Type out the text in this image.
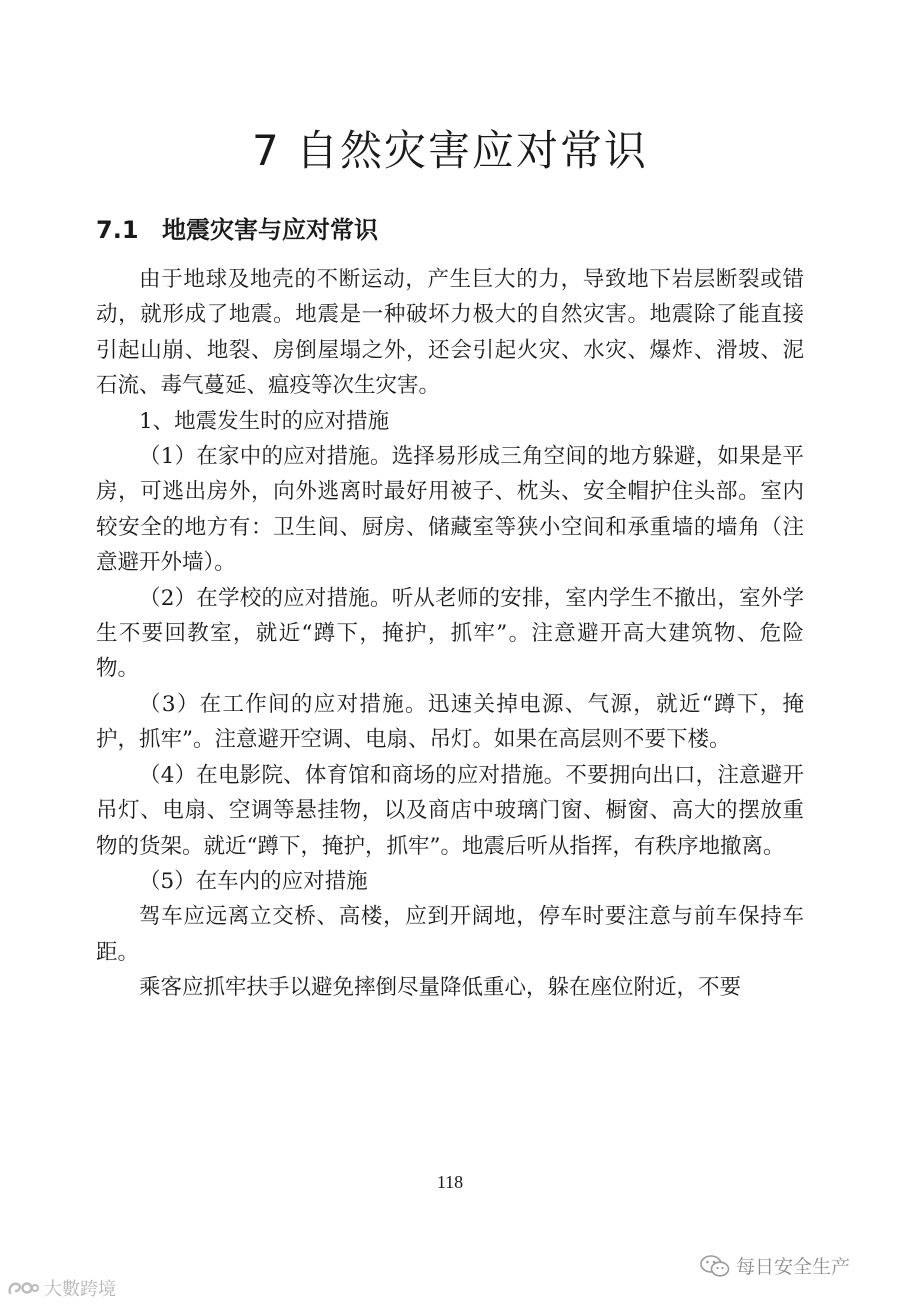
7 自然灾害应对常识
7.1 地震灾害与应对常识

由于地球及地壳的不断运动，产生巨大的力，导致地下岩层断裂或错动，就形成了地震。地震是一种破坏力极大的自然灾害。地震除了能直接引起山崩、地裂、房倒屋塌之外，还会引起火灾、水灾、爆炸、滑坡、泥石流、毒气蔓延、瘟疫等次生灾害。

1、地震发生时的应对措施

（1）在家中的应对措施。选择易形成三角空间的地方躲避，如果是平房，可逃出房外，向外逃离时最好用被子、枕头、安全帽护住头部。室内较安全的地方有：卫生间、厨房、储藏室等狭小空间和承重墙的墙角（注意避开外墙）。

（2）在学校的应对措施。听从老师的安排，室内学生不撤出，室外学生不要回教室，就近“蹲下，掩护，抓牢”。注意避开高大建筑物、危险物。

（3）在工作间的应对措施。迅速关掉电源、气源，就近“蹲下，掩护，抓牢”。注意避开空调、电扇、吊灯。如果在高层则不要下楼。

（4）在电影院、体育馆和商场的应对措施。不要拥向出口，注意避开吊灯、电扇、空调等悬挂物，以及商店中玻璃门窗、橱窗、高大的摆放重物的货架。就近“蹲下，掩护，抓牢”。地震后听从指挥，有秩序地撤离。

（5）在车内的应对措施

驾车应远离立交桥、高楼，应到开阔地，停车时要注意与前车保持车距。

乘客应抓牢扶手以避免摔倒尽量降低重心，躲在座位附近，不要

118
每日安全生产
大數跨境
